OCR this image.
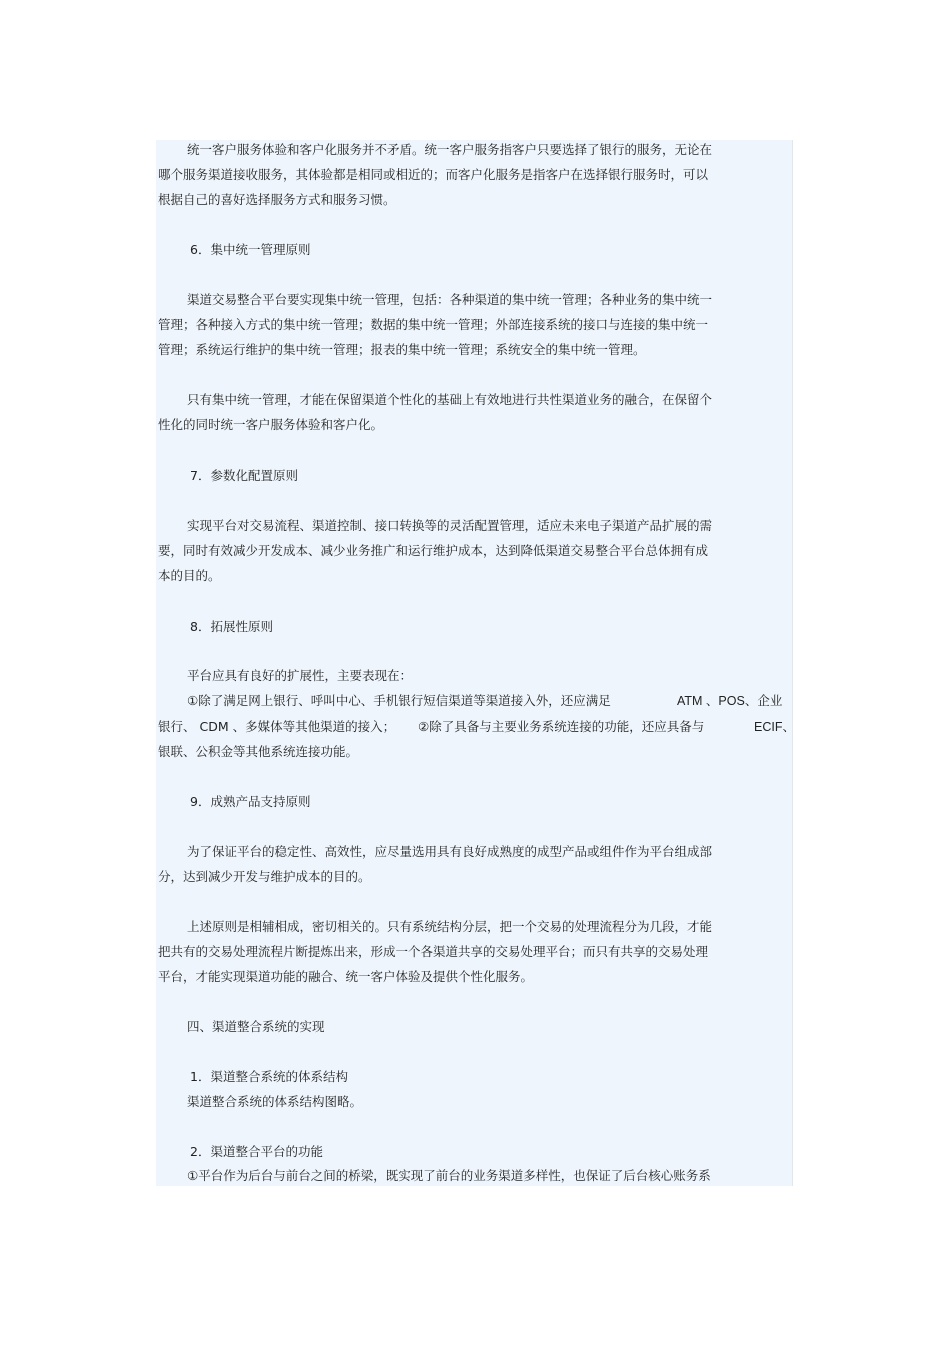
统一客户服务体验和客户化服务并不矛盾。统一客户服务指客户只要选择了银行的服务，无论在
哪个服务渠道接收服务，其体验都是相同或相近的；而客户化服务是指客户在选择银行服务时，可以
根据自己的喜好选择服务方式和服务习惯。
6．集中统一管理原则
渠道交易整合平台要实现集中统一管理，包括：各种渠道的集中统一管理；各种业务的集中统一
管理；各种接入方式的集中统一管理；数据的集中统一管理；外部连接系统的接口与连接的集中统一
管理；系统运行维护的集中统一管理；报表的集中统一管理；系统安全的集中统一管理。
只有集中统一管理，才能在保留渠道个性化的基础上有效地进行共性渠道业务的融合，在保留个
性化的同时统一客户服务体验和客户化。
7．参数化配置原则
实现平台对交易流程、渠道控制、接口转换等的灵活配置管理，适应未来电子渠道产品扩展的需
要，同时有效减少开发成本、减少业务推广和运行维护成本，达到降低渠道交易整合平台总体拥有成
本的目的。
8．拓展性原则
平台应具有良好的扩展性，主要表现在：
①除了满足网上银行、呼叫中心、手机银行短信渠道等渠道接入外，还应满足	ATM 、POS、企业
银行、 CDM 、多媒体等其他渠道的接入； ②除了具备与主要业务系统连接的功能，还应具备与	ECIF、
银联、公积金等其他系统连接功能。
9．成熟产品支持原则
为了保证平台的稳定性、高效性，应尽量选用具有良好成熟度的成型产品或组件作为平台组成部
分，达到减少开发与维护成本的目的。
上述原则是相辅相成，密切相关的。只有系统结构分层，把一个交易的处理流程分为几段，才能
把共有的交易处理流程片断提炼出来，形成一个各渠道共享的交易处理平台；而只有共享的交易处理
平台，才能实现渠道功能的融合、统一客户体验及提供个性化服务。
四、渠道整合系统的实现
1．渠道整合系统的体系结构
渠道整合系统的体系结构图略。
2．渠道整合平台的功能
①平台作为后台与前台之间的桥梁，既实现了前台的业务渠道多样性，也保证了后台核心账务系
